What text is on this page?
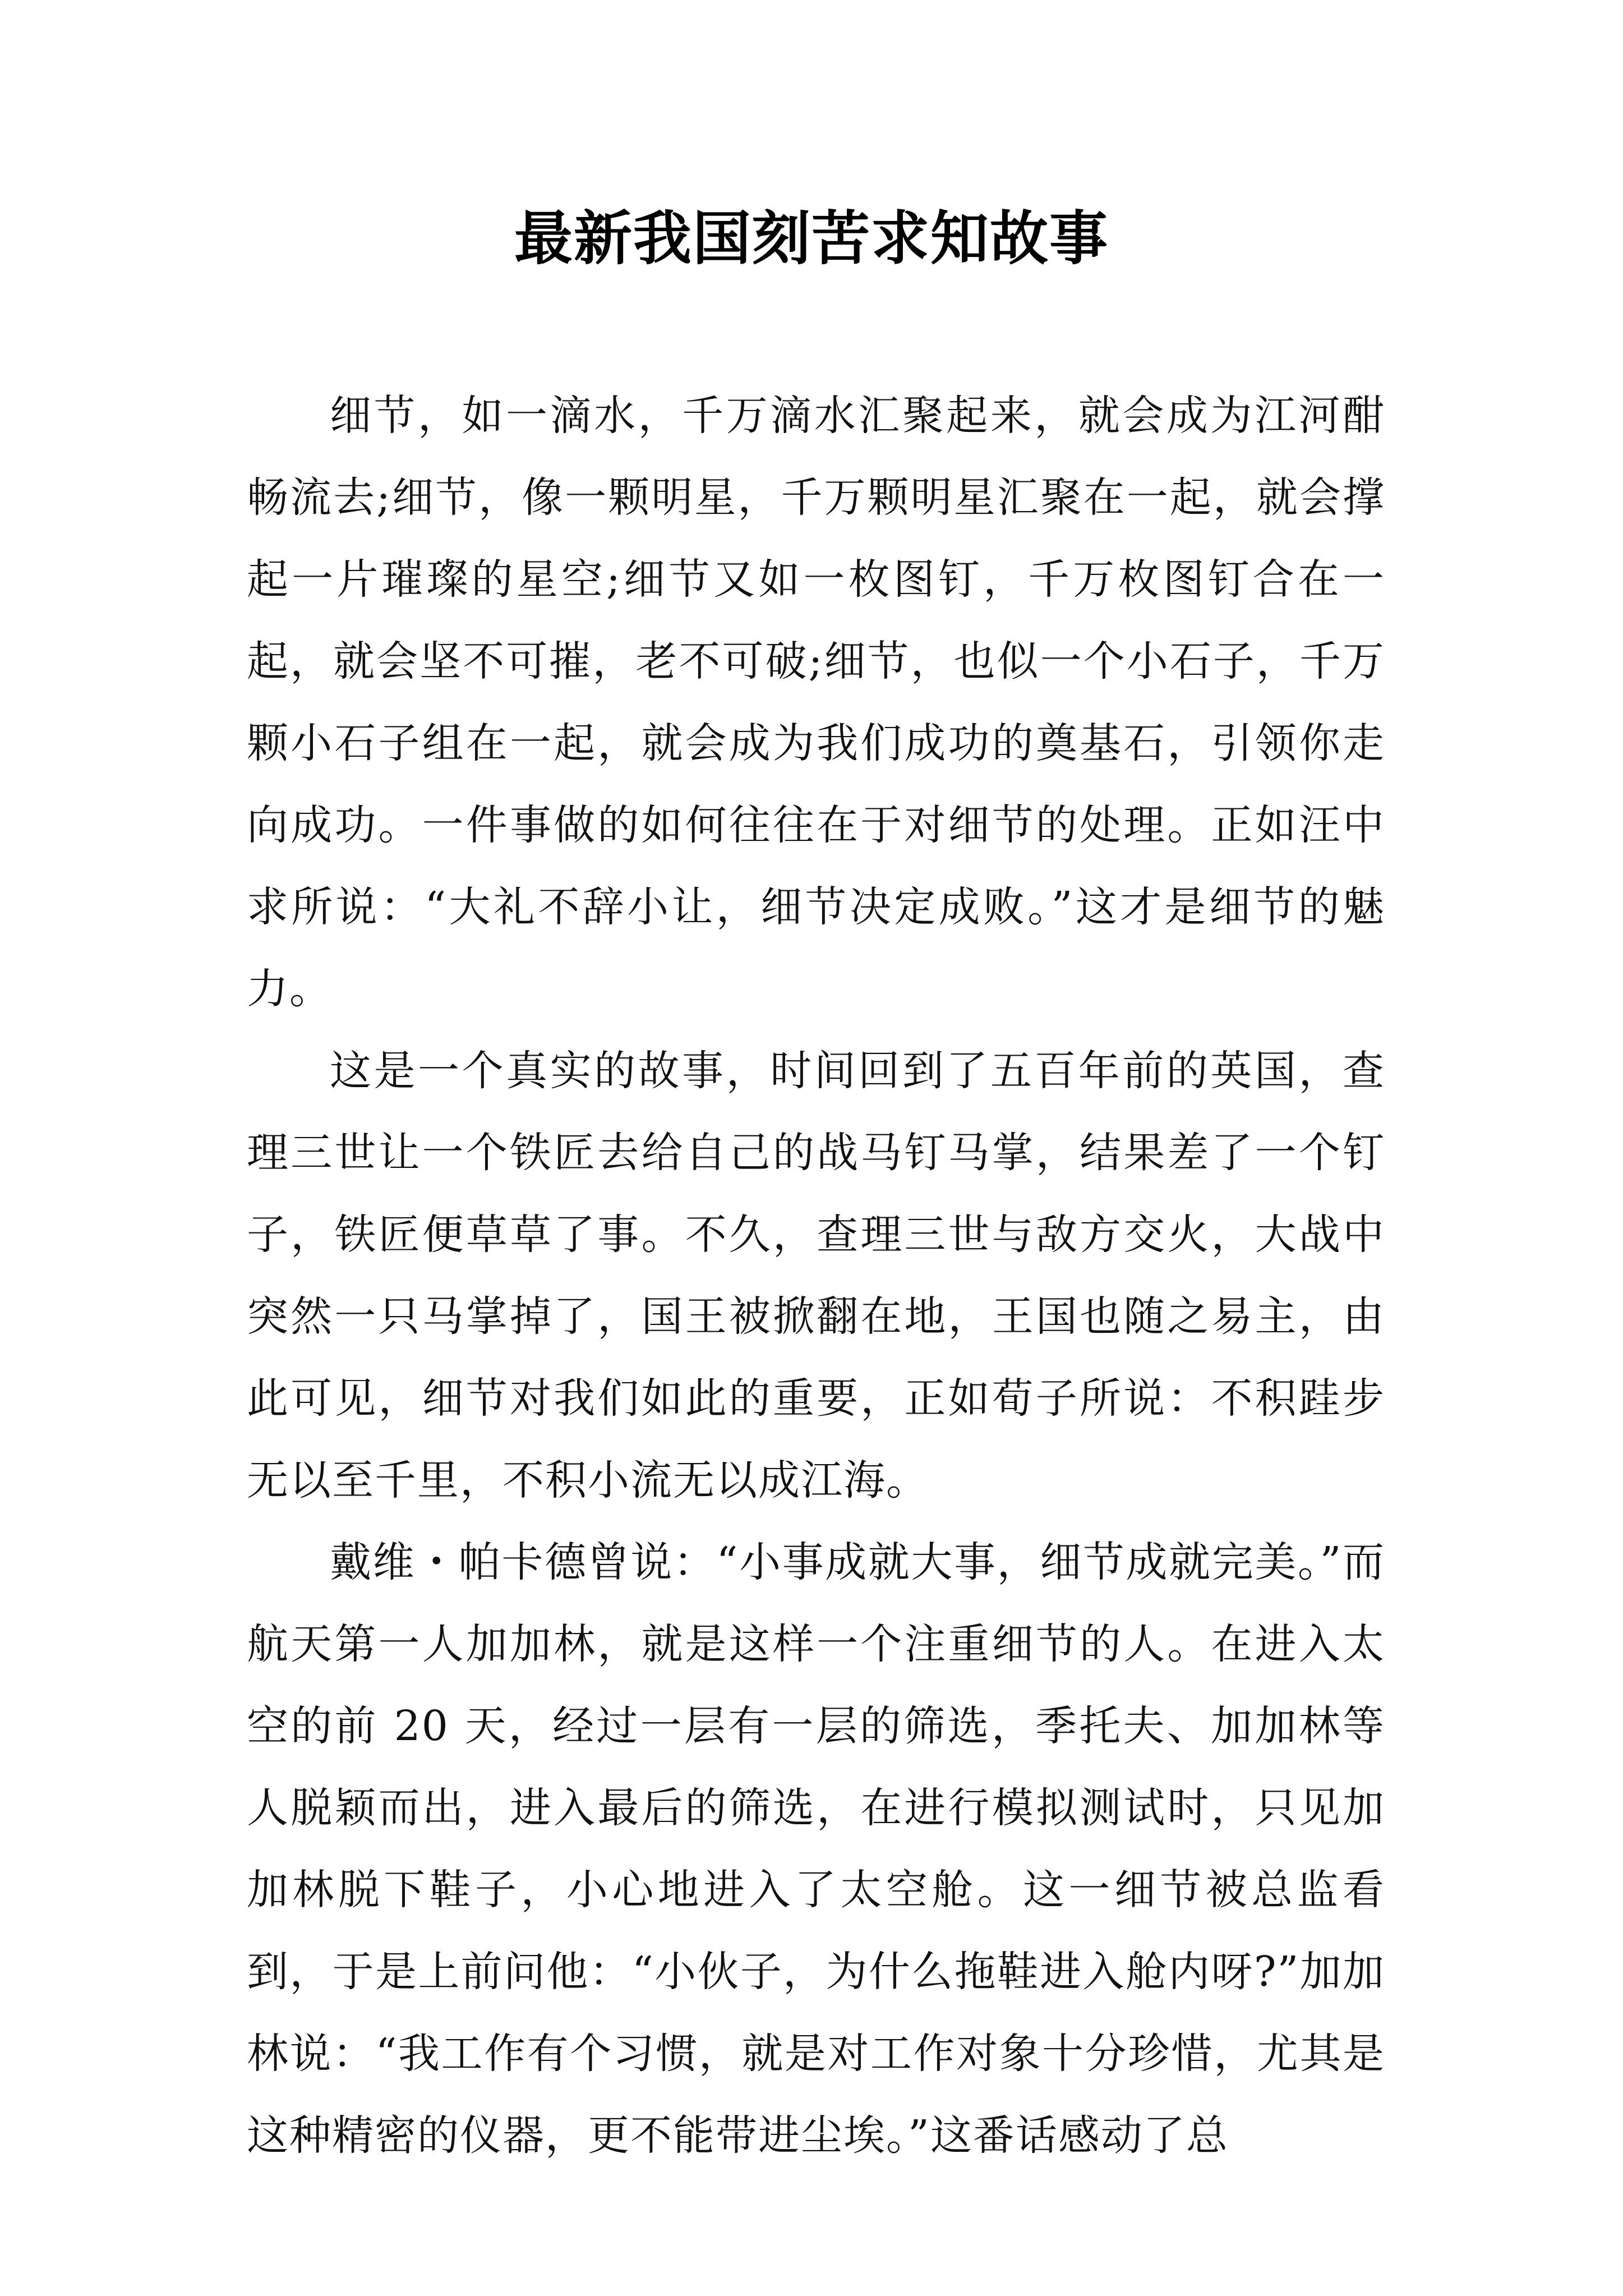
最新我国刻苦求知故事

细节，如一滴水，千万滴水汇聚起来，就会成为江河酣畅流去;细节，像一颗明星，千万颗明星汇聚在一起，就会撑起一片璀璨的星空;细节又如一枚图钉，千万枚图钉合在一起，就会坚不可摧，老不可破;细节，也似一个小石子，千万颗小石子组在一起，就会成为我们成功的奠基石，引领你走向成功。一件事做的如何往往在于对细节的处理。正如汪中求所说：“大礼不辞小让，细节决定成败。”这才是细节的魅力。

这是一个真实的故事，时间回到了五百年前的英国，查理三世让一个铁匠去给自己的战马钉马掌，结果差了一个钉子，铁匠便草草了事。不久，查理三世与敌方交火，大战中突然一只马掌掉了，国王被掀翻在地，王国也随之易主，由此可见，细节对我们如此的重要，正如荀子所说：不积跬步无以至千里，不积小流无以成江海。

戴维・帕卡德曾说：“小事成就大事，细节成就完美。”而航天第一人加加林，就是这样一个注重细节的人。在进入太空的前 20 天，经过一层有一层的筛选，季托夫、加加林等人脱颖而出，进入最后的筛选，在进行模拟测试时，只见加加林脱下鞋子，小心地进入了太空舱。这一细节被总监看到，于是上前问他：“小伙子，为什么拖鞋进入舱内呀?”加加林说：“我工作有个习惯，就是对工作对象十分珍惜，尤其是这种精密的仪器，更不能带进尘埃。”这番话感动了总
